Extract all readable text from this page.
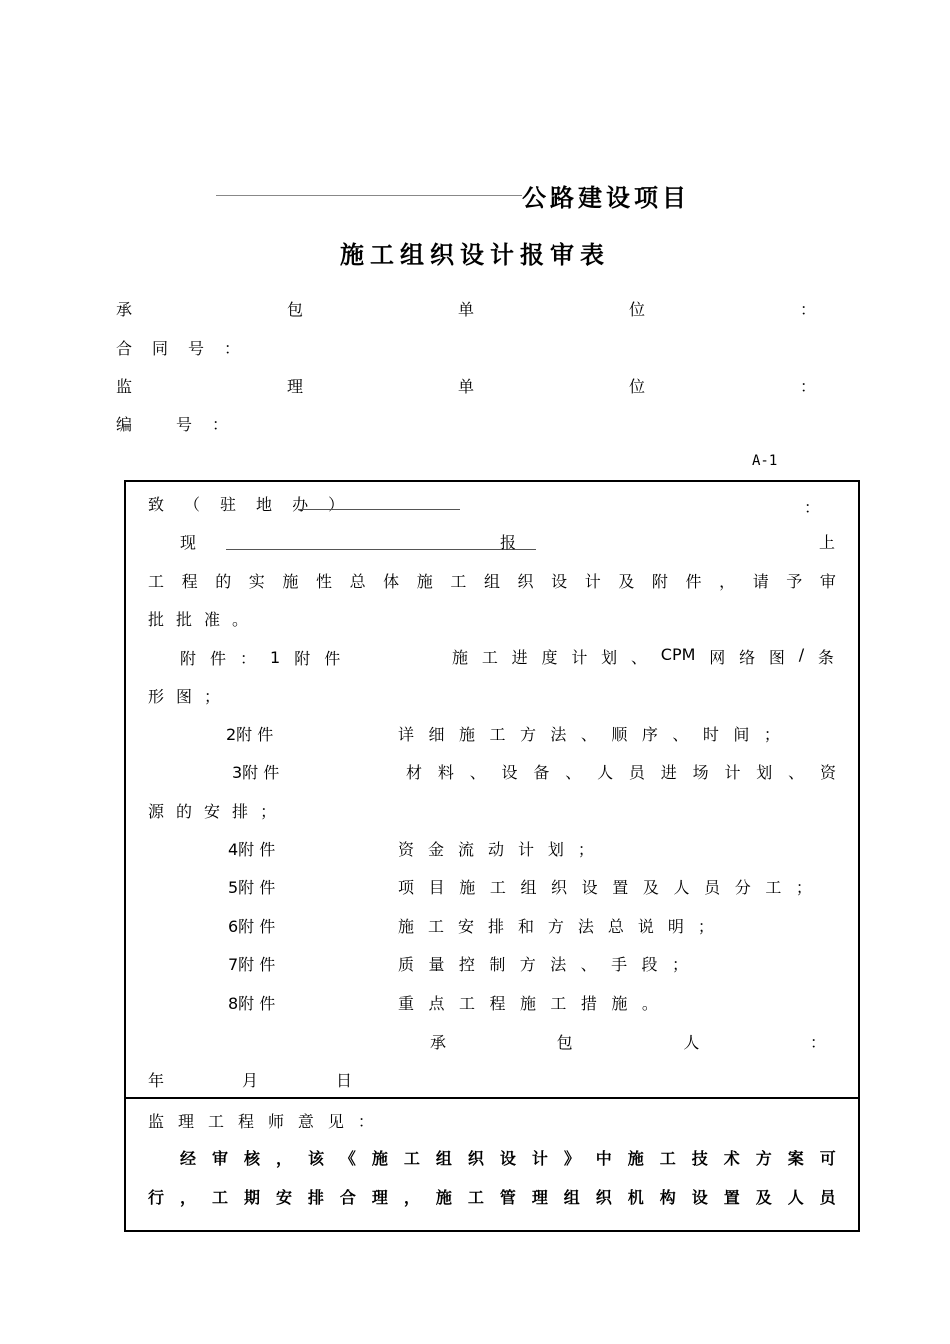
公路建设项目
施工组织设计报审表
承	包	单	位	：
合 同 号 ：
监	理	单	位	：
编	号 ：
A-1
致 （ 驻 地 办 ）	：
现	报	上
工 程 的 实 施 性 总 体 施 工 组 织 设 计 及 附 件 ， 请 予 审
批 批 准 。
附 件 ： 1 附 件	施 工 进 度 计 划 、 CPM 网 络 图 / 条
形 图 ；
2附 件	详 细 施 工 方 法 、 顺 序 、 时 间 ；
3附 件	材 料 、 设 备 、 人 员 进 场 计 划 、 资
源 的 安 排 ；
4附 件	资 金 流 动 计 划 ；
5附 件	项 目 施 工 组 织 设 置 及 人 员 分 工 ；
6附 件	施 工 安 排 和 方 法 总 说 明 ；
7附 件	质 量 控 制 方 法 、 手 段 ；
8附 件	重 点 工 程 施 工 措 施 。
承	包	人	：
年	月	日
监 理 工 程 师 意 见 ：
经 审 核 ， 该 《 施 工 组 织 设 计 》 中 施 工 技 术 方 案 可
行 ， 工 期 安 排 合 理 ， 施 工 管 理 组 织 机 构 设 置 及 人 员
